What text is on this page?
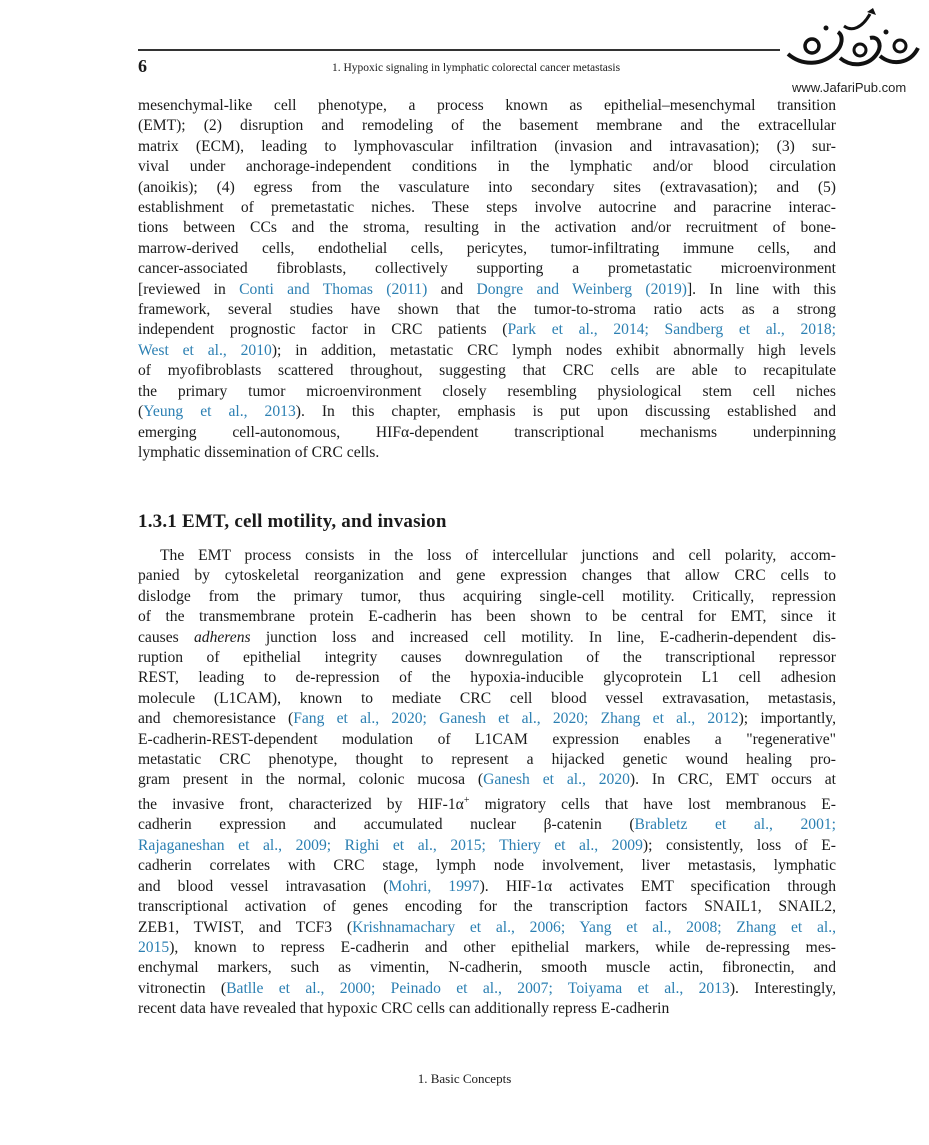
6	1. Hypoxic signaling in lymphatic colorectal cancer metastasis
www.JafariPub.com

mesenchymal-like cell phenotype, a process known as epithelial–mesenchymal transition
(EMT); (2) disruption and remodeling of the basement membrane and the extracellular
matrix (ECM), leading to lymphovascular infiltration (invasion and intravasation); (3) sur-
vival under anchorage-independent conditions in the lymphatic and/or blood circulation
(anoikis); (4) egress from the vasculature into secondary sites (extravasation); and (5)
establishment of premetastatic niches. These steps involve autocrine and paracrine interac-
tions between CCs and the stroma, resulting in the activation and/or recruitment of bone-
marrow-derived cells, endothelial cells, pericytes, tumor-infiltrating immune cells, and
cancer-associated fibroblasts, collectively supporting a prometastatic microenvironment
[reviewed in Conti and Thomas (2011) and Dongre and Weinberg (2019)]. In line with this
framework, several studies have shown that the tumor-to-stroma ratio acts as a strong
independent prognostic factor in CRC patients (Park et al., 2014; Sandberg et al., 2018;
West et al., 2010); in addition, metastatic CRC lymph nodes exhibit abnormally high levels
of myofibroblasts scattered throughout, suggesting that CRC cells are able to recapitulate
the primary tumor microenvironment closely resembling physiological stem cell niches
(Yeung et al., 2013). In this chapter, emphasis is put upon discussing established and
emerging cell-autonomous, HIFα-dependent transcriptional mechanisms underpinning
lymphatic dissemination of CRC cells.

1.3.1 EMT, cell motility, and invasion

The EMT process consists in the loss of intercellular junctions and cell polarity, accom-
panied by cytoskeletal reorganization and gene expression changes that allow CRC cells to
dislodge from the primary tumor, thus acquiring single-cell motility. Critically, repression
of the transmembrane protein E-cadherin has been shown to be central for EMT, since it
causes adherens junction loss and increased cell motility. In line, E-cadherin-dependent dis-
ruption of epithelial integrity causes downregulation of the transcriptional repressor
REST, leading to de-repression of the hypoxia-inducible glycoprotein L1 cell adhesion
molecule (L1CAM), known to mediate CRC cell blood vessel extravasation, metastasis,
and chemoresistance (Fang et al., 2020; Ganesh et al., 2020; Zhang et al., 2012); importantly,
E-cadherin-REST-dependent modulation of L1CAM expression enables a "regenerative"
metastatic CRC phenotype, thought to represent a hijacked genetic wound healing pro-
gram present in the normal, colonic mucosa (Ganesh et al., 2020). In CRC, EMT occurs at
the invasive front, characterized by HIF-1α+ migratory cells that have lost membranous E-
cadherin expression and accumulated nuclear β-catenin (Brabletz et al., 2001;
Rajaganeshan et al., 2009; Righi et al., 2015; Thiery et al., 2009); consistently, loss of E-
cadherin correlates with CRC stage, lymph node involvement, liver metastasis, lymphatic
and blood vessel intravasation (Mohri, 1997). HIF-1α activates EMT specification through
transcriptional activation of genes encoding for the transcription factors SNAIL1, SNAIL2,
ZEB1, TWIST, and TCF3 (Krishnamachary et al., 2006; Yang et al., 2008; Zhang et al.,
2015), known to repress E-cadherin and other epithelial markers, while de-repressing mes-
enchymal markers, such as vimentin, N-cadherin, smooth muscle actin, fibronectin, and
vitronectin (Batlle et al., 2000; Peinado et al., 2007; Toiyama et al., 2013). Interestingly,
recent data have revealed that hypoxic CRC cells can additionally repress E-cadherin

1. Basic Concepts
